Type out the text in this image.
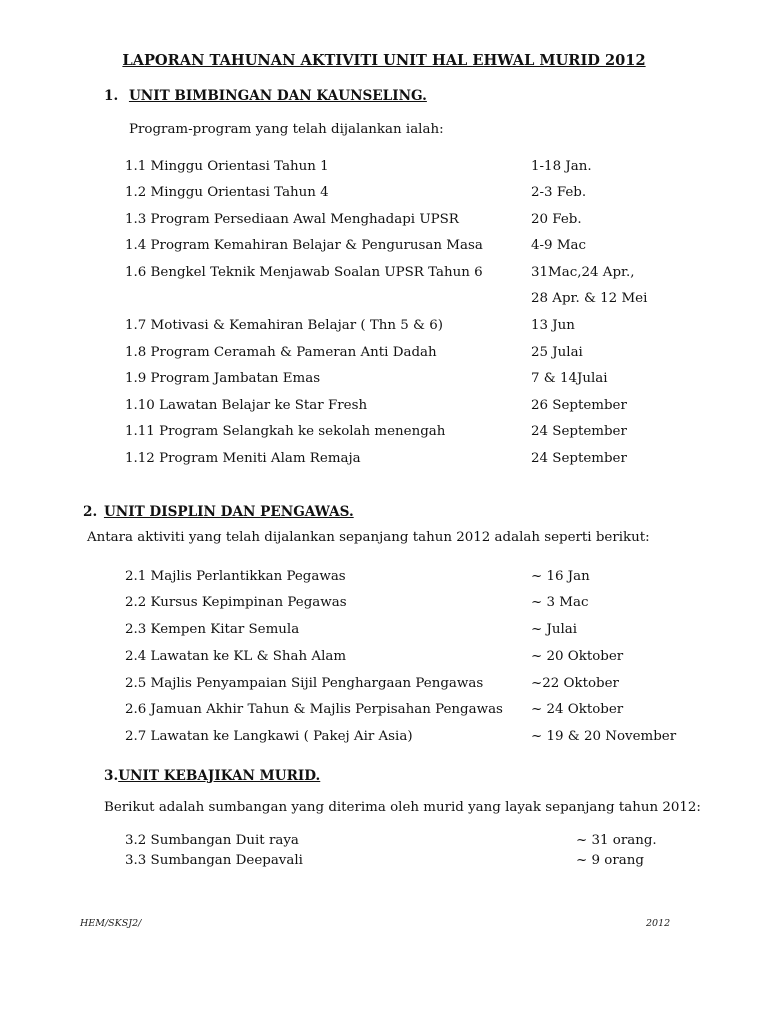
LAPORAN TAHUNAN AKTIVITI UNIT HAL EHWAL MURID 2012
1. UNIT BIMBINGAN DAN KAUNSELING.
Program-program yang telah dijalankan ialah:
1.1 Minggu Orientasi Tahun 1	1-18 Jan.
1.2 Minggu Orientasi Tahun 4	2-3 Feb.
1.3 Program Persediaan Awal Menghadapi UPSR	20 Feb.
1.4 Program Kemahiran Belajar & Pengurusan Masa	4-9 Mac
1.6 Bengkel Teknik Menjawab Soalan UPSR Tahun 6	31Mac,24 Apr.,
28 Apr. & 12 Mei
1.7 Motivasi & Kemahiran Belajar ( Thn 5 & 6)	13 Jun
1.8 Program Ceramah & Pameran Anti Dadah	25 Julai
1.9 Program Jambatan Emas	7 & 14Julai
1.10 Lawatan Belajar ke Star Fresh	26 September
1.11 Program Selangkah ke sekolah menengah	24 September
1.12 Program Meniti Alam Remaja	24 September
2. UNIT DISPLIN DAN PENGAWAS.
Antara aktiviti yang telah dijalankan sepanjang tahun 2012 adalah seperti berikut:
2.1 Majlis Perlantikkan Pegawas	~ 16 Jan
2.2 Kursus Kepimpinan Pegawas	~ 3 Mac
2.3 Kempen Kitar Semula	~ Julai
2.4 Lawatan ke KL & Shah Alam	~ 20 Oktober
2.5 Majlis Penyampaian Sijil Penghargaan Pengawas	~22 Oktober
2.6 Jamuan Akhir Tahun & Majlis Perpisahan Pengawas ~ 24 Oktober
2.7 Lawatan ke Langkawi ( Pakej Air Asia)	~ 19 & 20 November
3.UNIT KEBAJIKAN MURID.
Berikut adalah sumbangan yang diterima oleh murid yang layak sepanjang tahun 2012:
3.2 Sumbangan Duit raya	~ 31 orang.
3.3 Sumbangan Deepavali	~ 9 orang
HEM/SKSJ2/	2012
